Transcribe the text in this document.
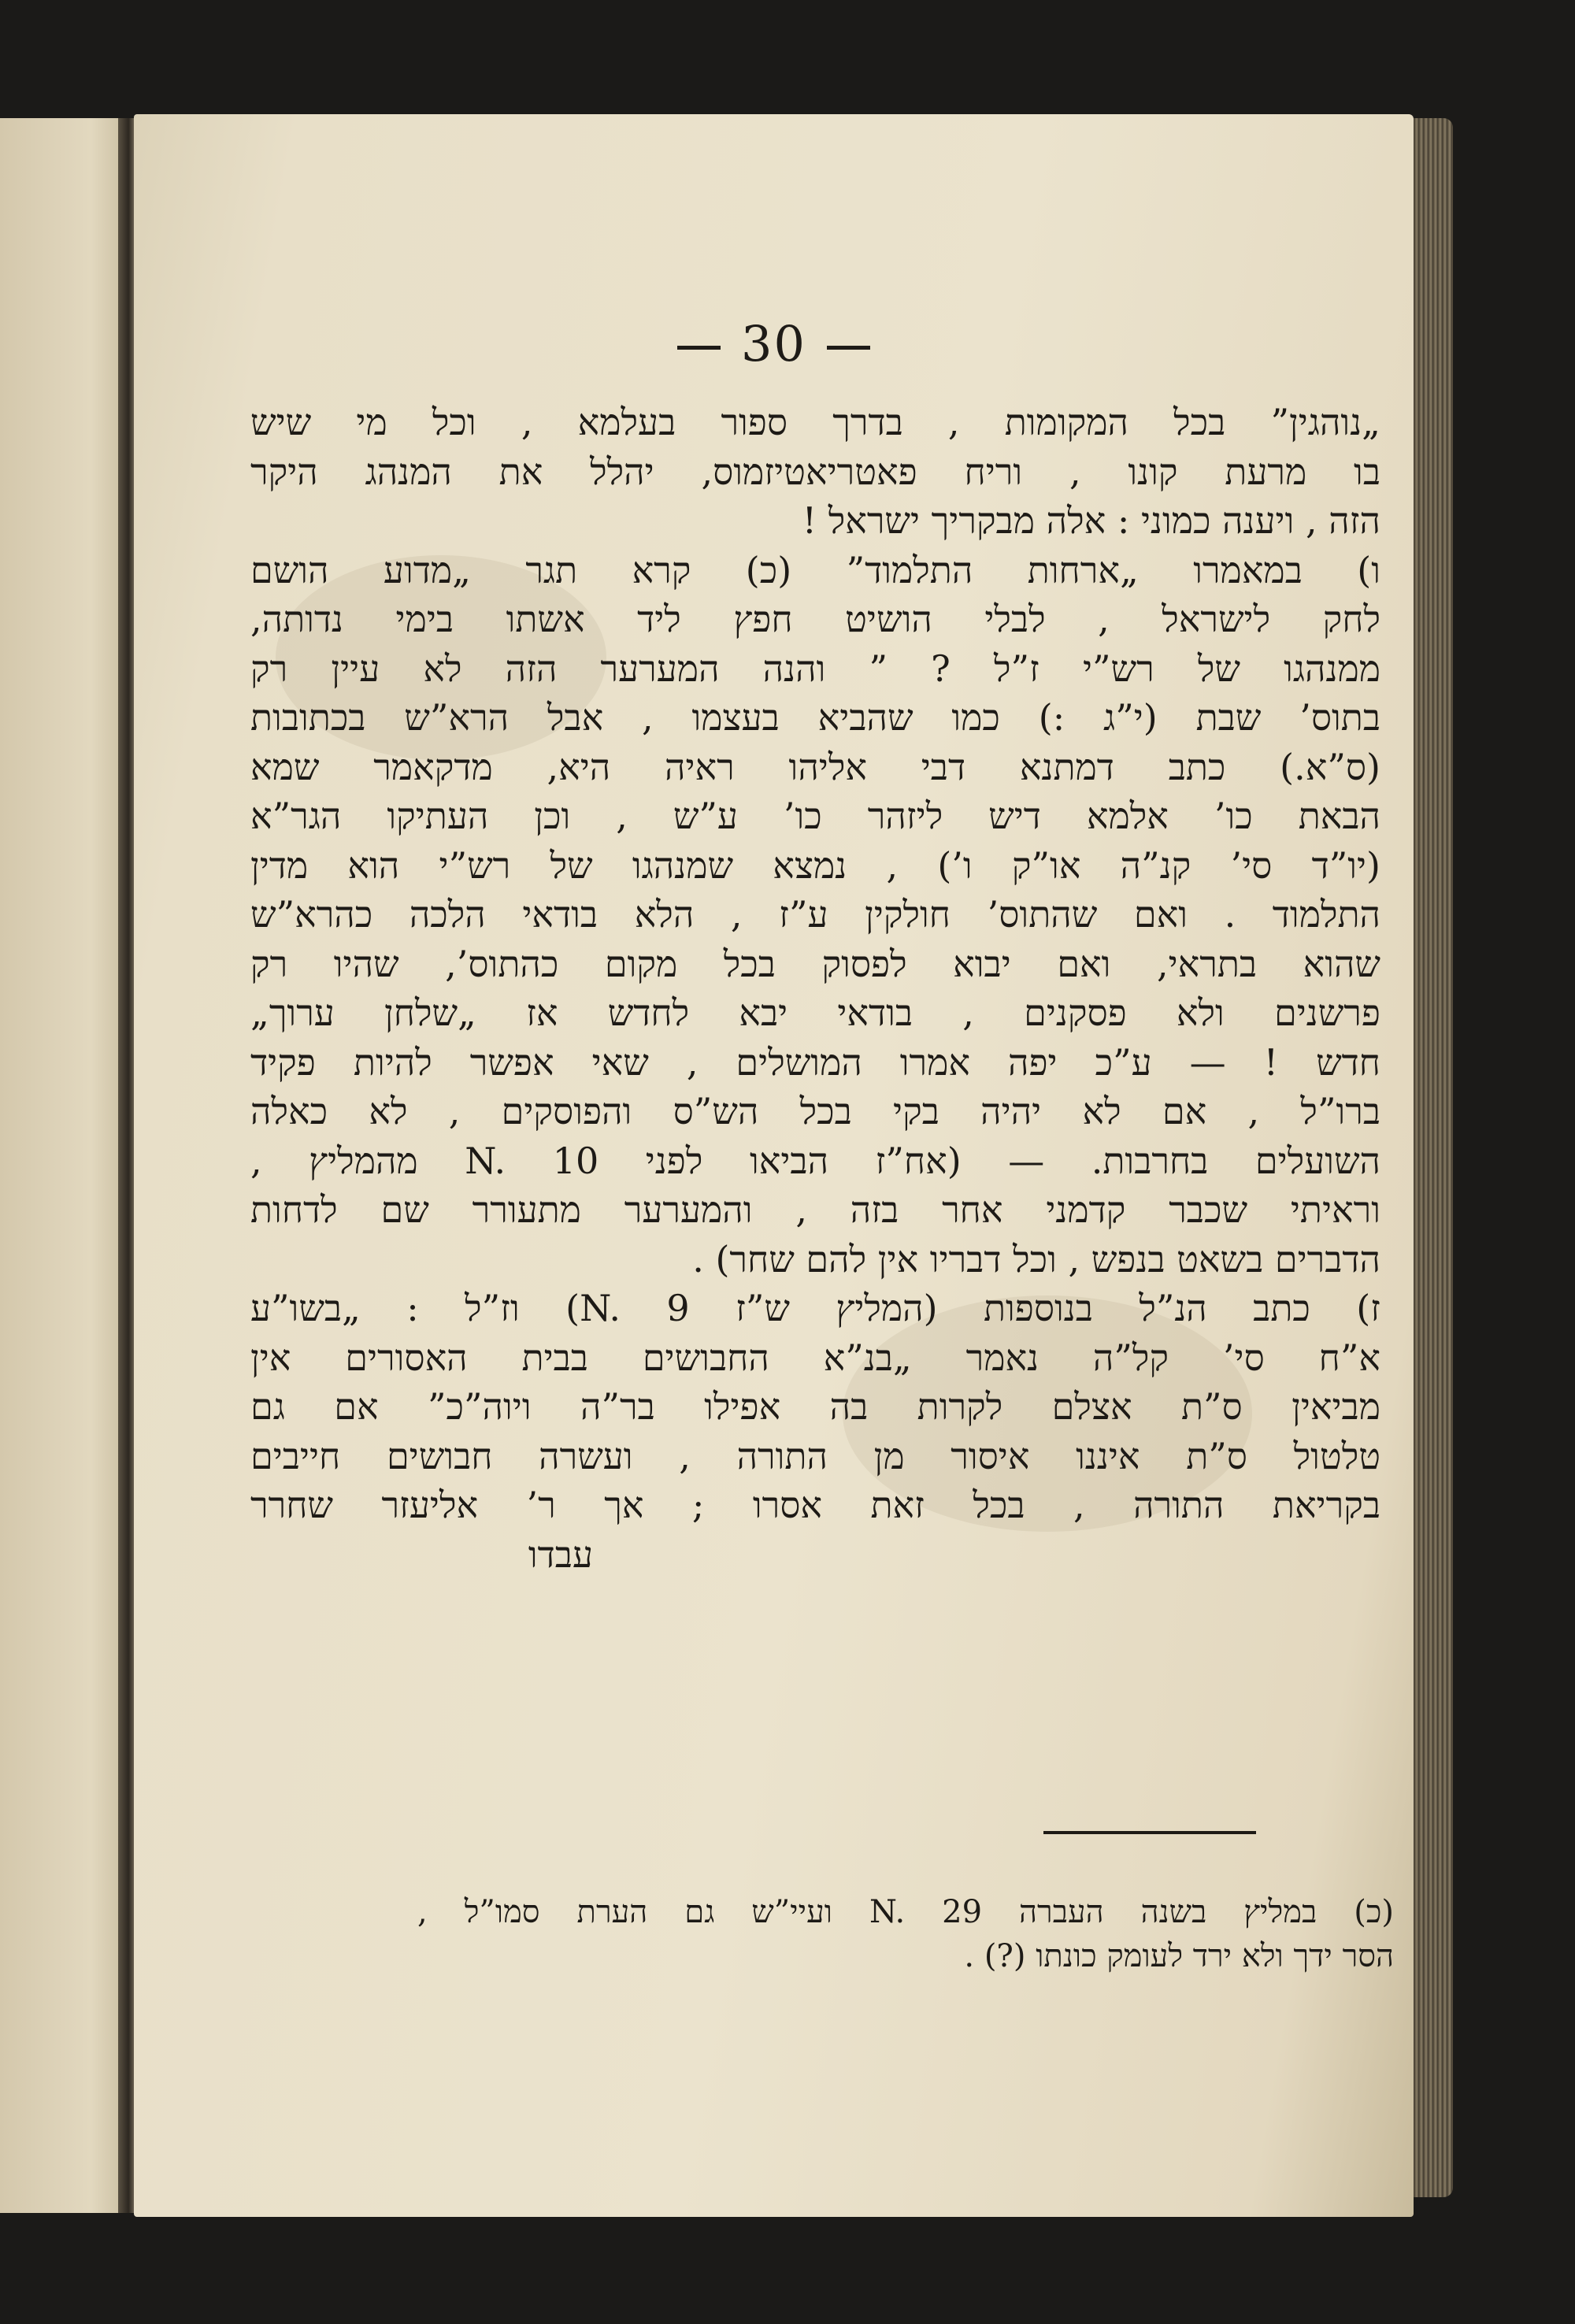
30
„נוהגין” בכל המקומות , בדרך ספור בעלמא , וכל מי שיש
בו מרעת קונו , וריח פאטריאטיזמוס, יהלל את המנהג היקר
הזה , ויענה כמוני : אלה מבקריך ישראל !
ו) במאמרו „ארחות התלמוד” (כ) קרא תגר „מדוע הושם
לחק לישראל , לבלי הושיט חפץ ליד אשתו בימי נדותה,
ממנהגו של רש”י ז”ל ? ” והנה המערער הזה לא עיין רק
בתוס’ שבת (י”ג :) כמו שהביא בעצמו , אבל הרא”ש בכתובות
(ס”א.) כתב דמתנא דבי אליהו ראיה היא, מדקאמר שמא
הבאת כו’ אלמא דיש ליזהר כו’ ע”ש , וכן העתיקו הגר”א
(יו”ד סי’ קנ”ה או”ק ו’) , נמצא שמנהגו של רש”י הוא מדין
התלמוד . ואם שהתוס’ חולקין ע”ז , הלא בודאי הלכה כהרא”ש
שהוא בתראי, ואם יבוא לפסוק בכל מקום כהתוס’, שהיו רק
פרשנים ולא פסקנים , בודאי יבא לחדש אז „שלחן ערוך„
חדש ! — ע”כ יפה אמרו המושלים , שאי אפשר להיות פקיד
ברו”ל , אם לא יהיה בקי בכל הש”ס והפוסקים , לא כאלה
השועלים בחרבות. — (אח”ז הביאו לפני N. 10 מהמליץ ,
וראיתי שכבר קדמני אחר בזה , והמערער מתעורר שם לדחות
הדברים בשאט בנפש , וכל דבריו אין להם שחר) .
ז) כתב הנ”ל בנוספות (המליץ ש”ז N. 9) וז”ל : „בשו”ע
א”ח סי’ קל”ה נאמר „בנ”א החבושים בבית האסורים אין
מביאין ס”ת אצלם לקרות בה אפילו בר”ה ויוה”כ” אם גם
טלטול ס”ת איננו איסור מן התורה , ועשרה חבושים חייבים
בקריאת התורה , בכל זאת אסרו ; אך ר’ אליעזר שחרר
עבדו
(כ) במליץ בשנה העברה N. 29 ועיי”ש גם הערת סמו”ל ,
הסר ידך ולא ירד לעומק כונתו (?) .
